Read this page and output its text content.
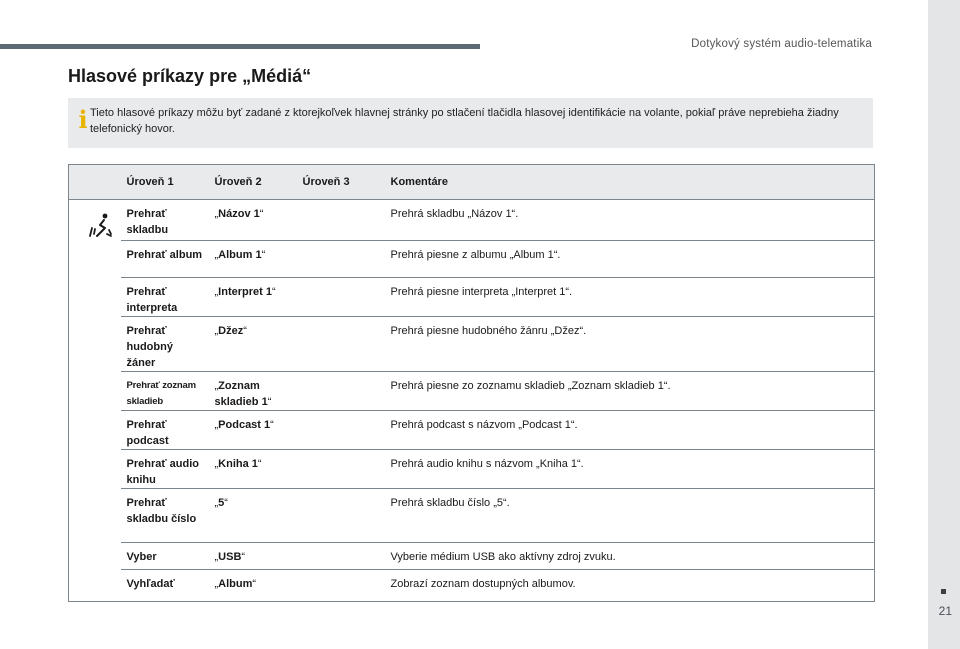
Dotykový systém audio-telematika
21
Hlasové príkazy pre „Médiá“
i Tieto hlasové príkazy môžu byť zadané z ktorejkoľvek hlavnej stránky po stlačení tlačidla hlasovej identifikácie na volante, pokiaľ práve neprebieha žiadny telefonický hovor.
	Úroveň 1	Úroveň 2	Úroveň 3	Komentáre

	Prehrať skladbu	„Názov 1“		Prehrá skladbu „Názov 1“.
	Prehrať album	„Album 1“		Prehrá piesne z albumu „Album 1“.
	Prehrať interpreta	„Interpret 1“		Prehrá piesne interpreta „Interpret 1“.
	Prehrať hudobný žáner	„Džez“		Prehrá piesne hudobného žánru „Džez“.
	Prehrať zoznam skladieb	„Zoznam skladieb 1“		Prehrá piesne zo zoznamu skladieb „Zoznam skladieb 1“.
	Prehrať podcast	„Podcast 1“		Prehrá podcast s názvom „Podcast 1“.
	Prehrať audio knihu	„Kniha 1“		Prehrá audio knihu s názvom „Kniha 1“.
	Prehrať skladbu číslo	„5“		Prehrá skladbu číslo „5“.
	Vyber	„USB“		Vyberie médium USB ako aktívny zdroj zvuku.
	Vyhľadať	„Album“		Zobrazí zoznam dostupných albumov.
